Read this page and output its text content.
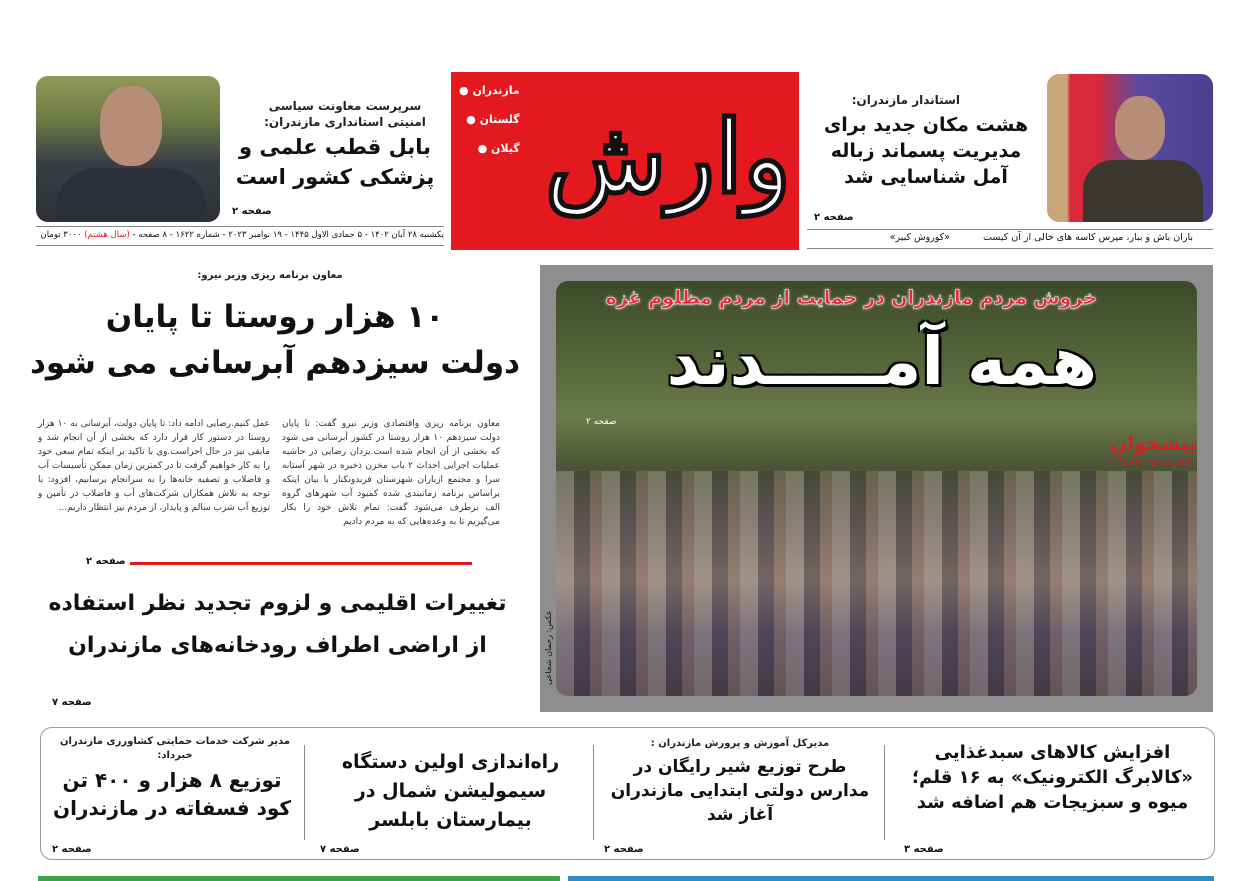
سرپرست معاونت سیاسی امنیتی استانداری مازندران:
بابل قطب علمی و پزشکی کشور است
صفحه ۲
یکشنبه ۲۸ آبان ۱۴۰۲ - ۵ جمادی الاول ۱۴۴۵ - ۱۹ نوامبر ۲۰۲۳ - شماره ۱۶۲۲ - ۸ صفحه - (سال هشتم) ۳۰۰۰ تومان
وارش
مازندران ●
گلستان ●
گیلان ●
استاندار مازندران:
هشت مکان جدید برای مدیریت پسماند زباله آمل شناسایی شد
صفحه ۲
باران باش و ببار، مپرس کاسه های خالی از آن کیست «کوروش کبیر»
معاون برنامه ریزی وزیر نیرو:
۱۰ هزار روستا تا پایان
دولت سیزدهم آبرسانی می شود
معاون برنامه ریزی واقتصادی وزیر نیرو گفت: تا پایان دولت سیزدهم ۱۰ هزار روستا در کشور آبرسانی می شود که بخشی از آن انجام شده است.یزدان رضایی در حاشیه عملیات اجرایی احداث ۲ باب مخزن ذخیره در شهر آستانه سرا و مجتمع ازباران شهرستان فریدونکنار با بیان اینکه براساس برنامه زمانبندی شده کمبود آب شهرهای گروه الف برطرف می‌شود گفت: تمام تلاش خود را بکار می‌گیریم تا به وعده‌هایی که به مردم دادیم
عمل کنیم.رضایی ادامه داد: تا پایان دولت، آبرسانی به ۱۰ هزار روستا در دستور کار قرار دارد که بخشی از آن انجام شد و مابقی نیز در حال اجراست.وی با تاکید بر اینکه تمام سعی خود را به کار خواهیم گرفت تا در کمترین زمان ممکن تأسیسات آب و فاضلاب و تصفیه خانه‌ها را به سرانجام برسانیم، افزود: با توجه به تلاش همکاران شرکت‌های آب و فاضلاب در تأمین و توزیع آب شرب سالم و پایدار، از مردم نیز انتظار داریم...
صفحه ۲
تغییرات اقلیمی و لزوم تجدید نظر استفاده
از اراضی اطراف رودخانه‌های مازندران
صفحه ۷
خروش مردم مازندران در حمایت از مردم مظلوم غزه
همه آمـــــدند
صفحه ۲
پیشخوان
Pishkhan.com
عکس: رحمان شجاعی
افزایش کالاهای سبدغذایی «کالابرگ الکترونیک» به ۱۶ قلم؛ میوه و سبزیجات هم اضافه شد
صفحه ۳
مدیرکل آموزش و پرورش مازندران :
طرح توزیع شیر رایگان در مدارس دولتی ابتدایی مازندران آغاز شد
صفحه ۲
راه‌اندازی اولین دستگاه سیمولیشن شمال در بیمارستان بابلسر
صفحه ۷
مدیر شرکت خدمات حمایتی کشاورزی مازندران خبرداد:
توزیع ۸ هزار و ۴۰۰ تن کود فسفاته در مازندران
صفحه ۲
